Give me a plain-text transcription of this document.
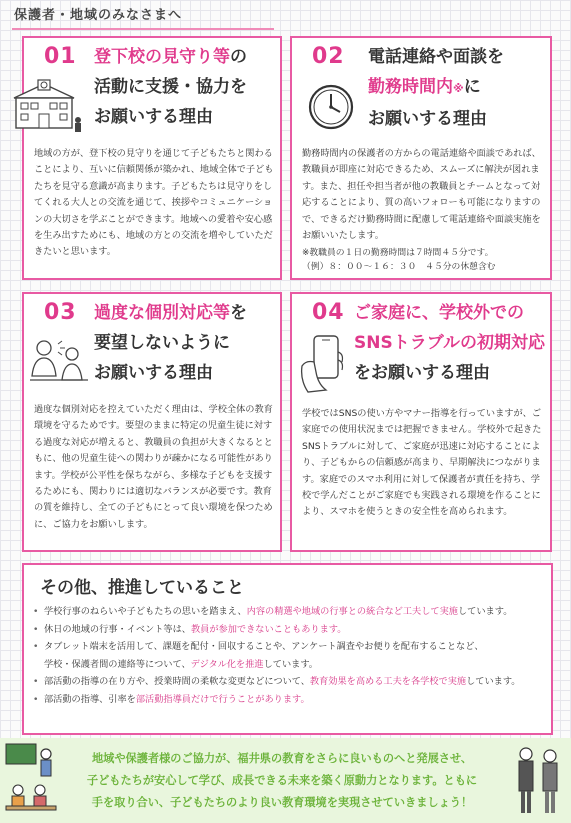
保護者・地域のみなさまへ
01 登下校の見守り等の
活動に支援・協力を
お願いする理由
地域の方が、登下校の見守りを通じて子どもたちと関わることにより、互いに信頼関係が築かれ、地域全体で子どもたちを見守る意識が高まります。子どもたちは見守りをしてくれる大人との交流を通じて、挨拶やコミュニケーションの大切さを学ぶことができます。地域への愛着や安心感を生み出すためにも、地域の方との交流を増やしていただきたいと思います。
02 電話連絡や面談を
勤務時間内※に
お願いする理由
勤務時間内の保護者の方からの電話連絡や面談であれば、教職員が即座に対応できるため、スムーズに解決が図れます。また、担任や担当者が他の教職員とチームとなって対応することにより、質の高いフォローも可能になりますので、できるだけ勤務時間に配慮して電話連絡や面談実施をお願いいたします。
※教職員の１日の勤務時間は７時間４５分です。
（例）８：００～１６：３０　４５分の休憩含む
03 過度な個別対応等を
要望しないように
お願いする理由
過度な個別対応を控えていただく理由は、学校全体の教育環境を守るためです。要望のままに特定の児童生徒に対する過度な対応が増えると、教職員の負担が大きくなるとともに、他の児童生徒への関わりが疎かになる可能性があります。学校が公平性を保ちながら、多様な子どもを支援するためにも、関わりには適切なバランスが必要です。教育の質を維持し、全ての子どもにとって良い環境を保つために、ご協力をお願いします。
04 ご家庭に、学校外での
SNSトラブルの初期対応
をお願いする理由
学校ではSNSの使い方やマナー指導を行っていますが、ご家庭での使用状況までは把握できません。学校外で起きたSNSトラブルに対して、ご家庭が迅速に対応することにより、子どもからの信頼感が高まり、早期解決につながります。家庭でのスマホ利用に対して保護者が責任を持ち、学校で学んだことがご家庭でも実践される環境を作ることにより、スマホを使うときの安全性を高められます。
その他、推進していること
• 学校行事のねらいや子どもたちの思いを踏まえ、内容の精選や地域の行事との統合など工夫して実施しています。
• 休日の地域の行事・イベント等は、教員が参加できないこともあります。
• タブレット端末を活用して、課題を配付・回収することや、アンケート調査やお便りを配布することなど、
学校・保護者間の連絡等について、デジタル化を推進しています。
• 部活動の指導の在り方や、授業時間の柔軟な変更などについて、教育効果を高める工夫を各学校で実施しています。
• 部活動の指導、引率を部活動指導員だけで行うことがあります。
地域や保護者様のご協力が、福井県の教育をさらに良いものへと発展させ、
子どもたちが安心して学び、成長できる未来を築く原動力となります。ともに
手を取り合い、子どもたちのより良い教育環境を実現させていきましょう！
